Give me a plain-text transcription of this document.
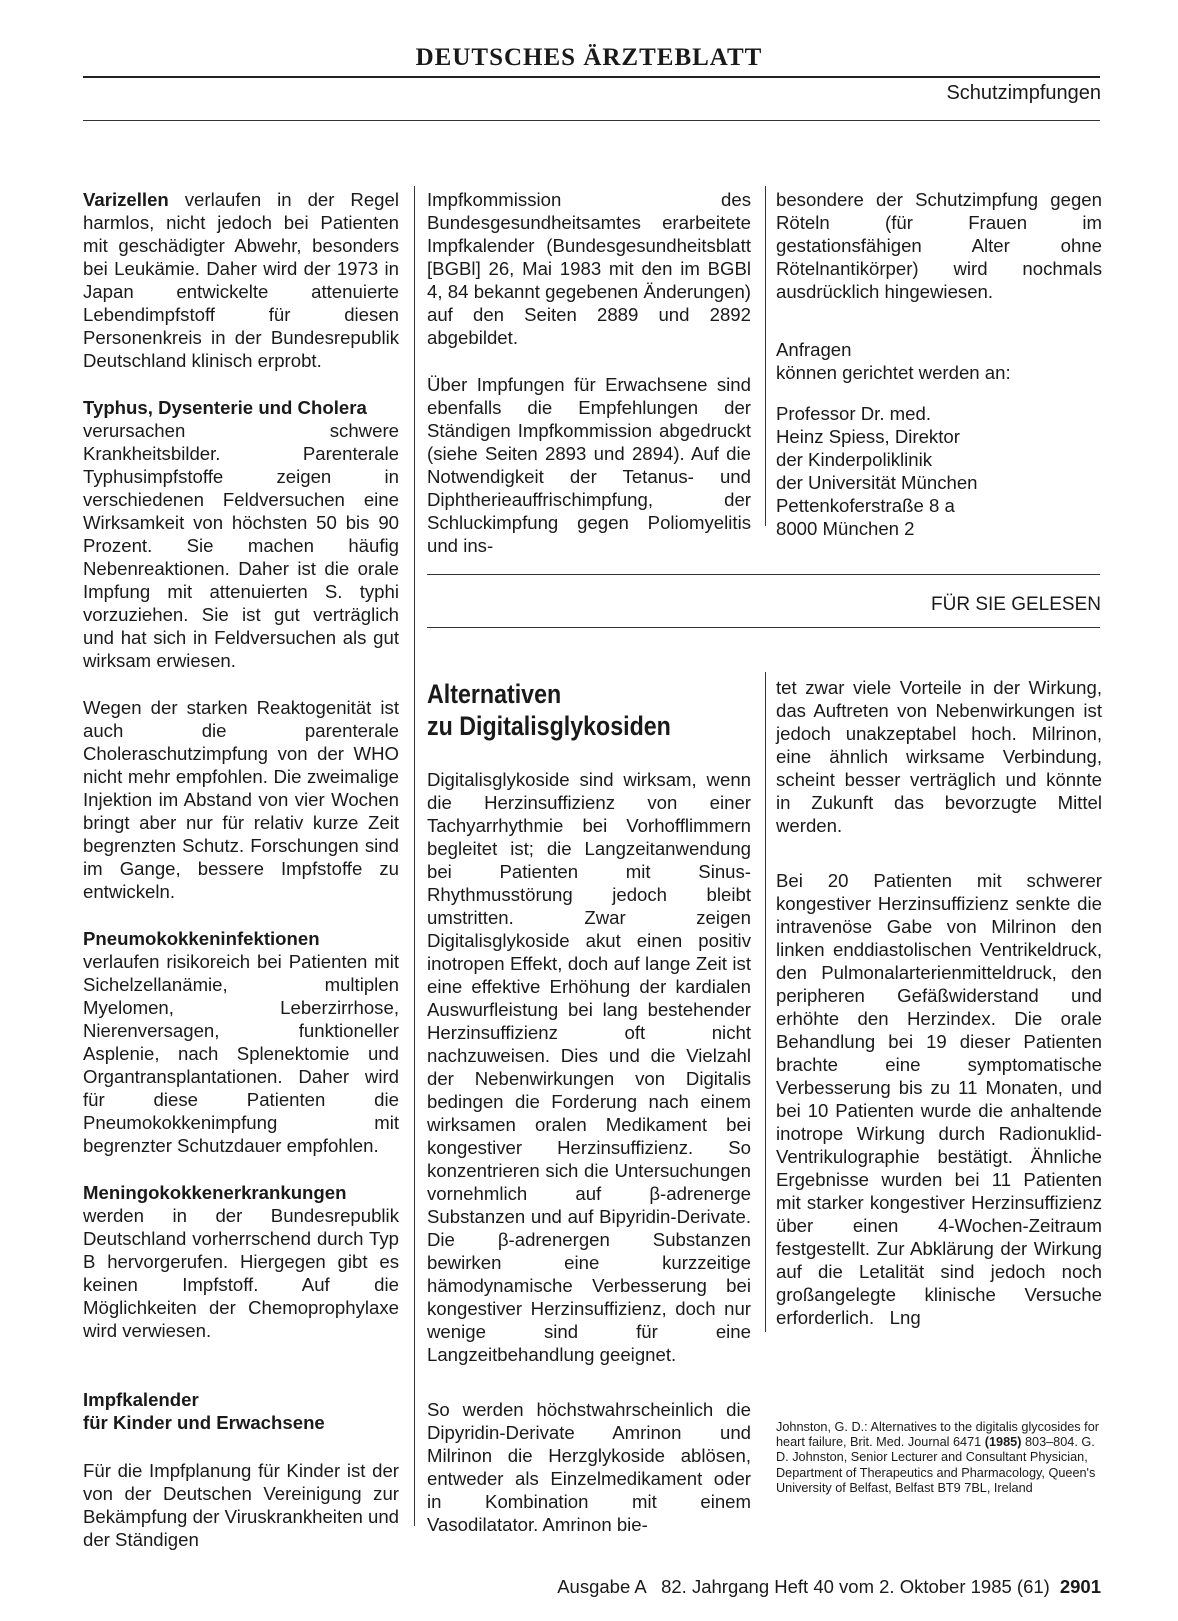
DEUTSCHES ÄRZTEBLATT
Schutzimpfungen

Varizellen verlaufen in der Regel harmlos, nicht jedoch bei Patienten mit geschädigter Abwehr, besonders bei Leukämie. Daher wird der 1973 in Japan entwickelte attenuierte Lebendimpfstoff für diesen Personenkreis in der Bundesrepublik Deutschland klinisch erprobt.

Typhus, Dysenterie und Cholera
verursachen schwere Krankheitsbilder. Parenterale Typhusimpfstoffe zeigen in verschiedenen Feldversuchen eine Wirksamkeit von höchsten 50 bis 90 Prozent. Sie machen häufig Nebenreaktionen. Daher ist die orale Impfung mit attenuierten S. typhi vorzuziehen. Sie ist gut verträglich und hat sich in Feldversuchen als gut wirksam erwiesen.

Wegen der starken Reaktogenität ist auch die parenterale Choleraschutzimpfung von der WHO nicht mehr empfohlen. Die zweimalige Injektion im Abstand von vier Wochen bringt aber nur für relativ kurze Zeit begrenzten Schutz. Forschungen sind im Gange, bessere Impfstoffe zu entwickeln.

Pneumokokkeninfektionen verlaufen risikoreich bei Patienten mit Sichelzellanämie, multiplen Myelomen, Leberzirrhose, Nierenversagen, funktioneller Asplenie, nach Splenektomie und Organtransplantationen. Daher wird für diese Patienten die Pneumokokkenimpfung mit begrenzter Schutzdauer empfohlen.

Meningokokkenerkrankungen
werden in der Bundesrepublik Deutschland vorherrschend durch Typ B hervorgerufen. Hiergegen gibt es keinen Impfstoff. Auf die Möglichkeiten der Chemoprophylaxe wird verwiesen.

Impfkalender
für Kinder und Erwachsene

Für die Impfplanung für Kinder ist der von der Deutschen Vereinigung zur Bekämpfung der Viruskrankheiten und der Ständigen

Impfkommission des Bundesgesundheitsamtes erarbeitete Impfkalender (Bundesgesundheitsblatt [BGBl] 26, Mai 1983 mit den im BGBl 4, 84 bekannt gegebenen Änderungen) auf den Seiten 2889 und 2892 abgebildet.

Über Impfungen für Erwachsene sind ebenfalls die Empfehlungen der Ständigen Impfkommission abgedruckt (siehe Seiten 2893 und 2894). Auf die Notwendigkeit der Tetanus- und Diphtherieauffrischimpfung, der Schluckimpfung gegen Poliomyelitis und ins-

besondere der Schutzimpfung gegen Röteln (für Frauen im gestationsfähigen Alter ohne Rötelnantikörper) wird nochmals ausdrücklich hingewiesen.

Anfragen
können gerichtet werden an:
Professor Dr. med.
Heinz Spiess, Direktor
der Kinderpoliklinik
der Universität München
Pettenkoferstraße 8 a
8000 München 2
FÜR SIE GELESEN
Alternativen
zu Digitalisglykosiden

Digitalisglykoside sind wirksam, wenn die Herzinsuffizienz von einer Tachyarrhythmie bei Vorhofflimmern begleitet ist; die Langzeitanwendung bei Patienten mit Sinus-Rhythmusstörung jedoch bleibt umstritten. Zwar zeigen Digitalisglykoside akut einen positiv inotropen Effekt, doch auf lange Zeit ist eine effektive Erhöhung der kardialen Auswurfleistung bei lang bestehender Herzinsuffizienz oft nicht nachzuweisen. Dies und die Vielzahl der Nebenwirkungen von Digitalis bedingen die Forderung nach einem wirksamen oralen Medikament bei kongestiver Herzinsuffizienz. So konzentrieren sich die Untersuchungen vornehmlich auf β-adrenerge Substanzen und auf Bipyridin-Derivate. Die β-adrenergen Substanzen bewirken eine kurzzeitige hämodynamische Verbesserung bei kongestiver Herzinsuffizienz, doch nur wenige sind für eine Langzeitbehandlung geeignet.

So werden höchstwahrscheinlich die Dipyridin-Derivate Amrinon und Milrinon die Herzglykoside ablösen, entweder als Einzelmedikament oder in Kombination mit einem Vasodilatator. Amrinon bie-

tet zwar viele Vorteile in der Wirkung, das Auftreten von Nebenwirkungen ist jedoch unakzeptabel hoch. Milrinon, eine ähnlich wirksame Verbindung, scheint besser verträglich und könnte in Zukunft das bevorzugte Mittel werden.

Bei 20 Patienten mit schwerer kongestiver Herzinsuffizienz senkte die intravenöse Gabe von Milrinon den linken enddiastolischen Ventrikeldruck, den Pulmonalarterienmitteldruck, den peripheren Gefäßwiderstand und erhöhte den Herzindex. Die orale Behandlung bei 19 dieser Patienten brachte eine symptomatische Verbesserung bis zu 11 Monaten, und bei 10 Patienten wurde die anhaltende inotrope Wirkung durch Radionuklid-Ventrikulographie bestätigt. Ähnliche Ergebnisse wurden bei 11 Patienten mit starker kongestiver Herzinsuffizienz über einen 4-Wochen-Zeitraum festgestellt. Zur Abklärung der Wirkung auf die Letalität sind jedoch noch großangelegte klinische Versuche erforderlich. Lng

Johnston, G. D.: Alternatives to the digitalis glycosides for heart failure, Brit. Med. Journal 6471 (1985) 803–804. G. D. Johnston, Senior Lecturer and Consultant Physician, Department of Therapeutics and Pharmacology, Queen's University of Belfast, Belfast BT9 7BL, Ireland
Ausgabe A   82. Jahrgang Heft 40 vom 2. Oktober 1985 (61) 2901
